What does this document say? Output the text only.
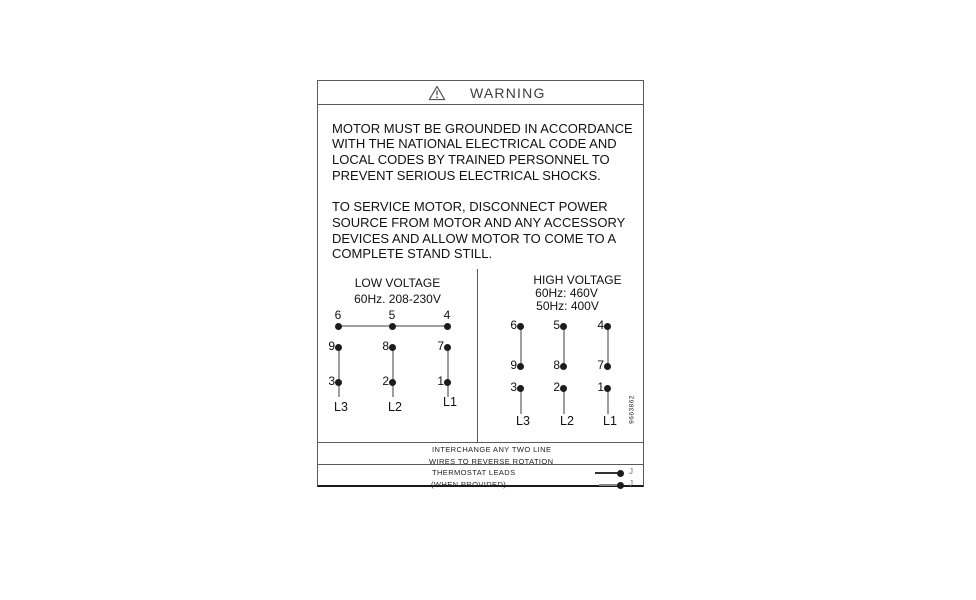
WARNING
MOTOR MUST BE GROUNDED IN ACCORDANCE
WITH THE NATIONAL ELECTRICAL CODE AND
LOCAL CODES BY TRAINED PERSONNEL TO
PREVENT SERIOUS ELECTRICAL SHOCKS.
TO SERVICE MOTOR, DISCONNECT POWER
SOURCE FROM MOTOR AND ANY ACCESSORY
DEVICES AND ALLOW MOTOR TO COME TO A
COMPLETE STAND STILL.
LOW VOLTAGE
60Hz. 208-230V
6	5	4
9	8	7
3	2	1
L3	L2	L1
HIGH VOLTAGE
60Hz: 460V
50Hz: 400V
6	5	4
9	8	7
3	2	1
L3	L2	L1	9663862
INTERCHANGE ANY TWO LINE
WIRES TO REVERSE ROTATION
THERMOSTAT LEADS
(WHEN PROVIDED)
J
J
